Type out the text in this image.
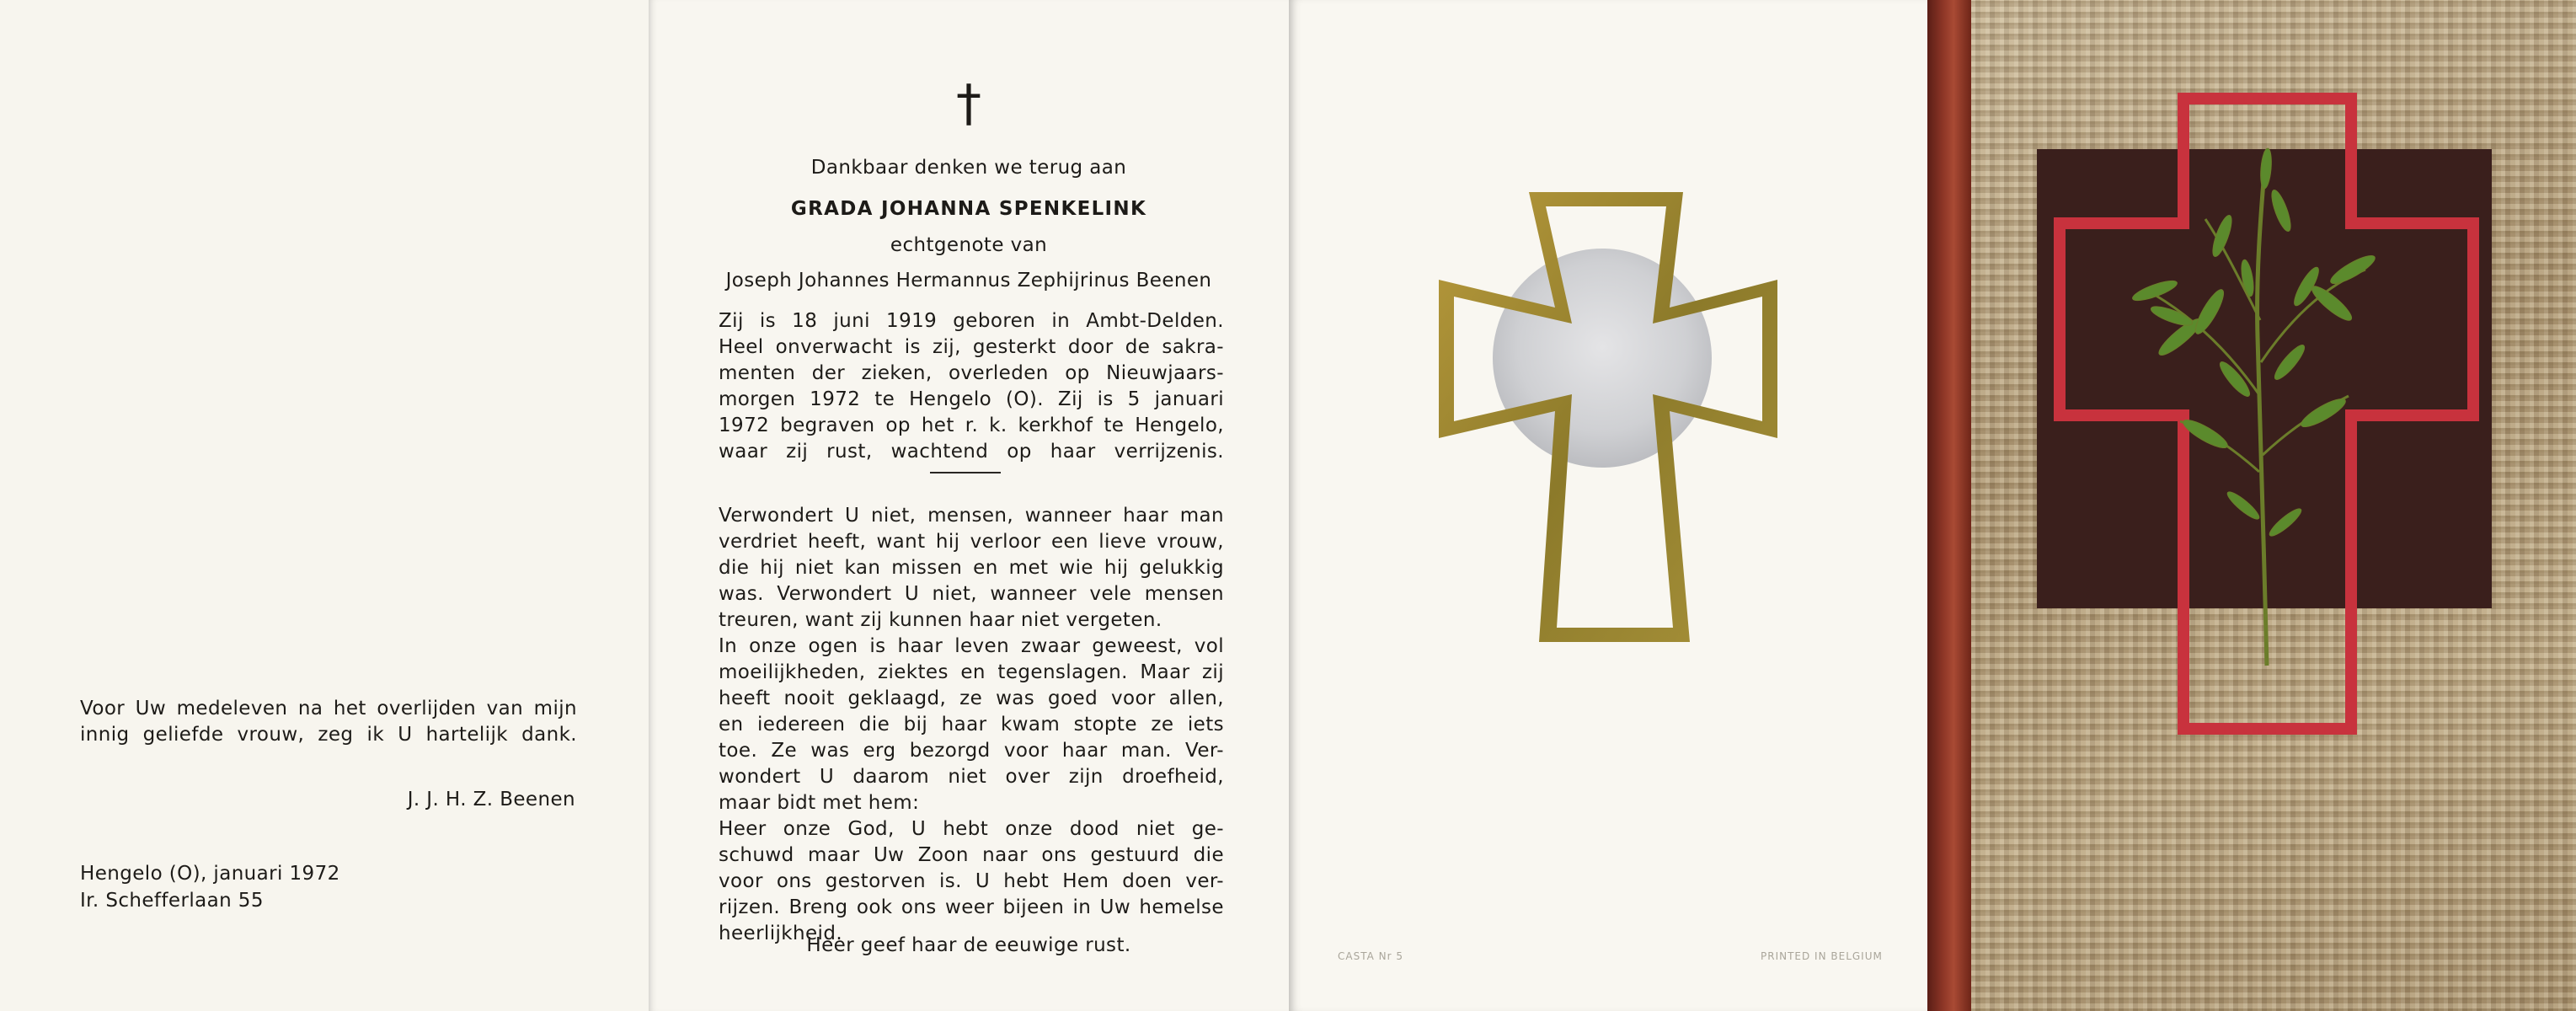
Voor Uw medeleven na het overlijden van mijn
innig geliefde vrouw, zeg ik U hartelijk dank.
J. J. H. Z. Beenen
Hengelo (O), januari 1972
Ir. Schefferlaan 55
†
Dankbaar denken we terug aan
GRADA JOHANNA SPENKELINK
echtgenote van
Joseph Johannes Hermannus Zephijrinus Beenen
Zij is 18 juni 1919 geboren in Ambt-Delden.
Heel onverwacht is zij, gesterkt door de sakra-
menten der zieken, overleden op Nieuwjaars-
morgen 1972 te Hengelo (O). Zij is 5 januari
1972 begraven op het r. k. kerkhof te Hengelo,
waar zij rust, wachtend op haar verrijzenis.
Verwondert U niet, mensen, wanneer haar man
verdriet heeft, want hij verloor een lieve vrouw,
die hij niet kan missen en met wie hij gelukkig
was. Verwondert U niet, wanneer vele mensen
treuren, want zij kunnen haar niet vergeten.
In onze ogen is haar leven zwaar geweest, vol
moeilijkheden, ziektes en tegenslagen. Maar zij
heeft nooit geklaagd, ze was goed voor allen,
en iedereen die bij haar kwam stopte ze iets
toe. Ze was erg bezorgd voor haar man. Ver-
wondert U daarom niet over zijn droefheid,
maar bidt met hem:
Heer onze God, U hebt onze dood niet ge-
schuwd maar Uw Zoon naar ons gestuurd die
voor ons gestorven is. U hebt Hem doen ver-
rijzen. Breng ook ons weer bijeen in Uw hemelse
heerlijkheid.
Heer geef haar de eeuwige rust.	CASTA Nr 5	PRINTED IN BELGIUM
